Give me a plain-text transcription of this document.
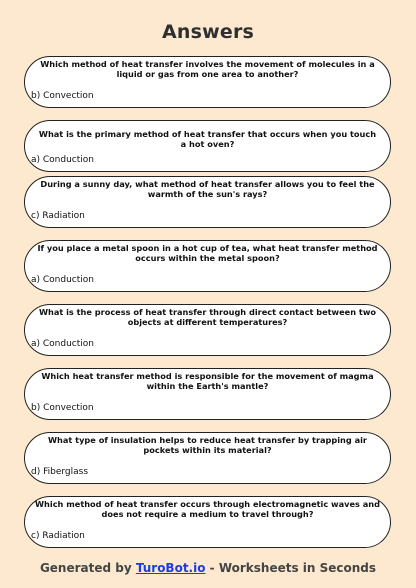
Answers
Which method of heat transfer involves the movement of molecules in a liquid or gas from one area to another?
b) Convection
What is the primary method of heat transfer that occurs when you touch a hot oven?
a) Conduction
During a sunny day, what method of heat transfer allows you to feel the warmth of the sun's rays?
c) Radiation
If you place a metal spoon in a hot cup of tea, what heat transfer method occurs within the metal spoon?
a) Conduction
What is the process of heat transfer through direct contact between two objects at different temperatures?
a) Conduction
Which heat transfer method is responsible for the movement of magma within the Earth's mantle?
b) Convection
What type of insulation helps to reduce heat transfer by trapping air pockets within its material?
d) Fiberglass
Which method of heat transfer occurs through electromagnetic waves and does not require a medium to travel through?
c) Radiation
Generated by TuroBot.io - Worksheets in Seconds
